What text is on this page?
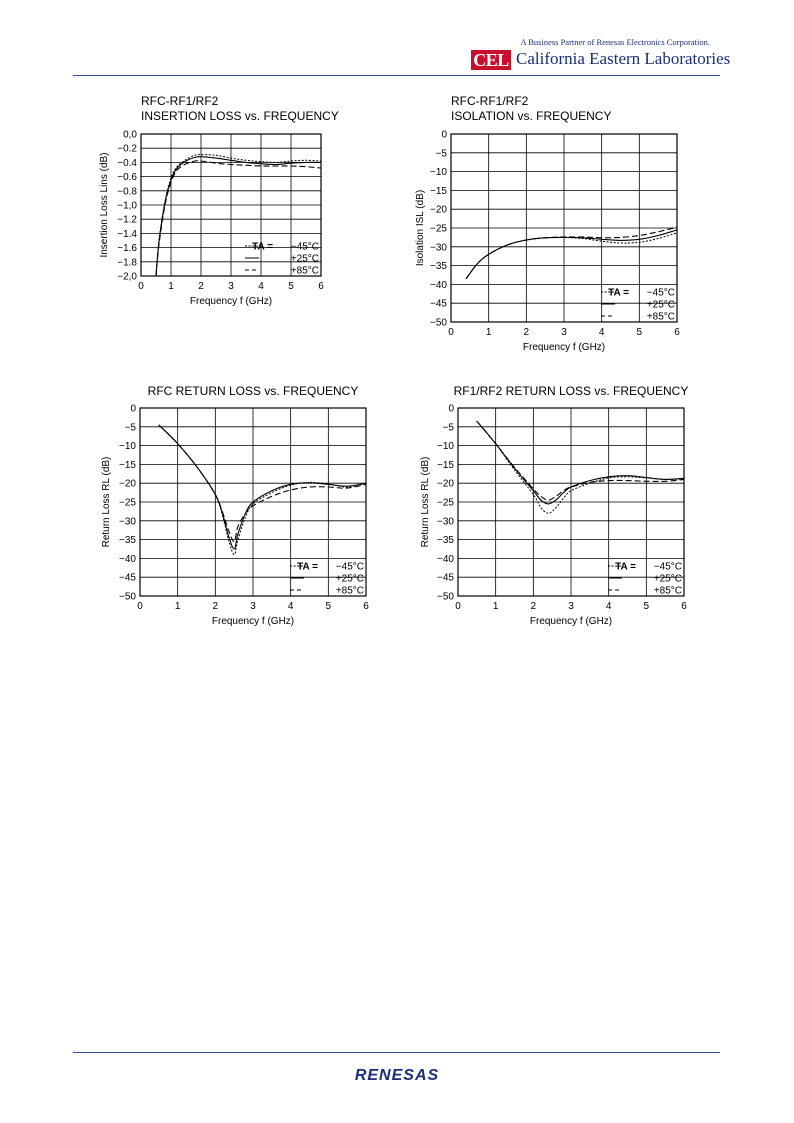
A Business Partner of Renesas Electronics Corporation.
CEL California Eastern Laboratories
RFC-RF1/RF2
INSERTION LOSS vs. FREQUENCY
0 1 2 3 4 5 6
0,0
−0.2
−0.4
−0.6
−0.8
−1,0
−1.2
−1.4
−1.6
−1.8
−2,0
Frequency f (GHz)
Insertion Loss Lins (dB)	TA = −45°C
+25°C
+85°C
RFC-RF1/RF2
ISOLATION vs. FREQUENCY
0	1	2	3	4	5	6
0
−5
−10
−15
−20
−25
−30
−35
−40
−45
−50
Frequency f (GHz)
Isolation ISL (dB)
TA = −45°C
+25°C
+85°C
RFC RETURN LOSS vs. FREQUENCY
0	1	2	3	4	5	6
0
−5
−10
−15
−20
−25
−30
−35
−40
−45
−50
Frequency f (GHz)
Return Loss RL (dB)
TA = −45°C
+25°C
+85°C
RF1/RF2 RETURN LOSS vs. FREQUENCY
0	1	2	3	4	5	6
0
−5
−10
−15
−20
−25
−30
−35
−40
−45
−50
Frequency f (GHz)
Return Loss RL (dB)
TA = −45°C
+25°C
+85°C
RENESAS
